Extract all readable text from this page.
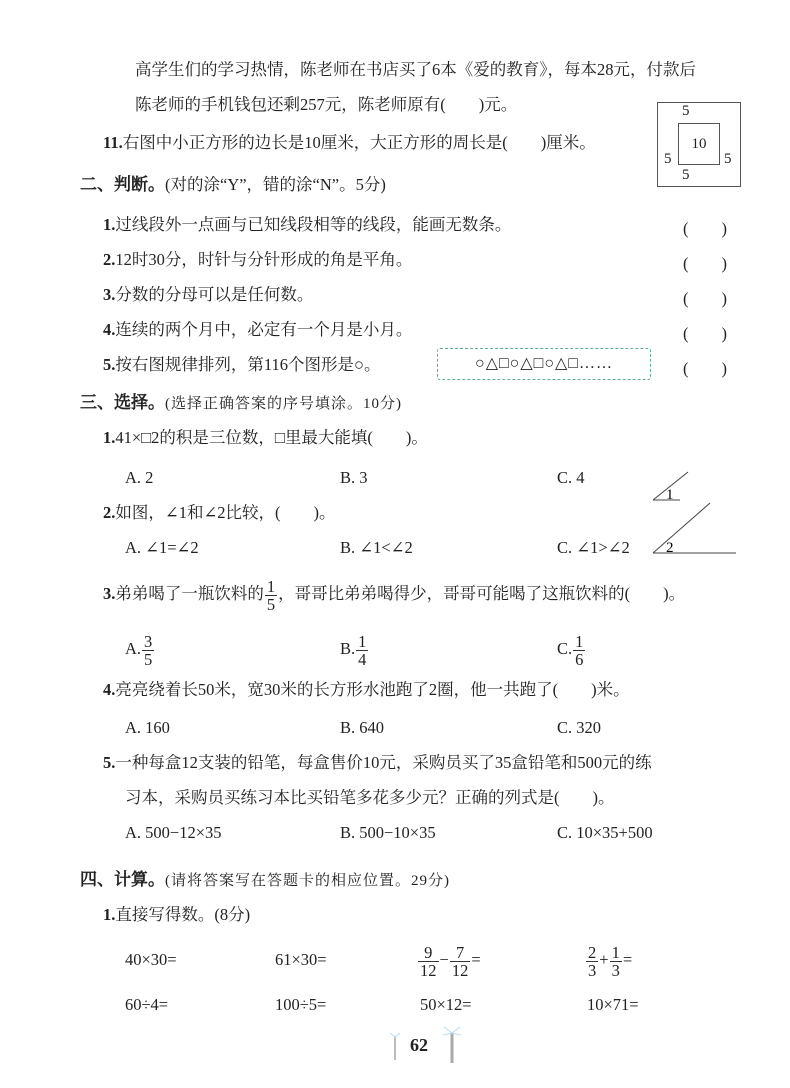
高学生们的学习热情，陈老师在书店买了6本《爱的教育》，每本28元，付款后
陈老师的手机钱包还剩257元，陈老师原有(　　)元。
11.右图中小正方形的边长是10厘米，大正方形的周长是(　　)厘米。	10
5
5
5	5
二、判断。(对的涂“Y”，错的涂“N”。5分)
1.过线段外一点画与已知线段相等的线段，能画无数条。	(　　)
2.12时30分，时针与分针形成的角是平角。	(　　)
3.分数的分母可以是任何数。	(　　)
4.连续的两个月中，必定有一个月是小月。	(　　)
5.按右图规律排列，第116个图形是○。	○△□○△□○△□……	(　　)
三、选择。(选择正确答案的序号填涂。10分)
1.41×□2的积是三位数，□里最大能填(　　)。
A. 2	B. 3	C. 4
1
2
2.如图，∠1和∠2比较，(　　)。
A. ∠1=∠2	B. ∠1<∠2	C. ∠1>∠2
3.弟弟喝了一瓶饮料的 $\frac{1}{5}$ ，哥哥比弟弟喝得少，哥哥可能喝了这瓶饮料的(　　)。
A. $\frac{3}{5}$	B. $\frac{1}{4}$	C. $\frac{1}{6}$
4.亮亮绕着长50米，宽30米的长方形水池跑了2圈，他一共跑了(　　)米。
A. 160	B. 640	C. 320
5.一种每盒12支装的铅笔，每盒售价10元，采购员买了35盒铅笔和500元的练
习本，采购员买练习本比买铅笔多花多少元？正确的列式是(　　)。
A. 500−12×35	B. 500−10×35	C. 10×35+500
四、计算。(请将答案写在答题卡的相应位置。29分)
1.直接写得数。(8分)
40×30=	61×30=	$\frac{9}{12} - \frac{7}{12}$ =	$\frac{2}{3} + \frac{1}{3}$ =
60÷4=	100÷5=	50×12=	10×71=
62
